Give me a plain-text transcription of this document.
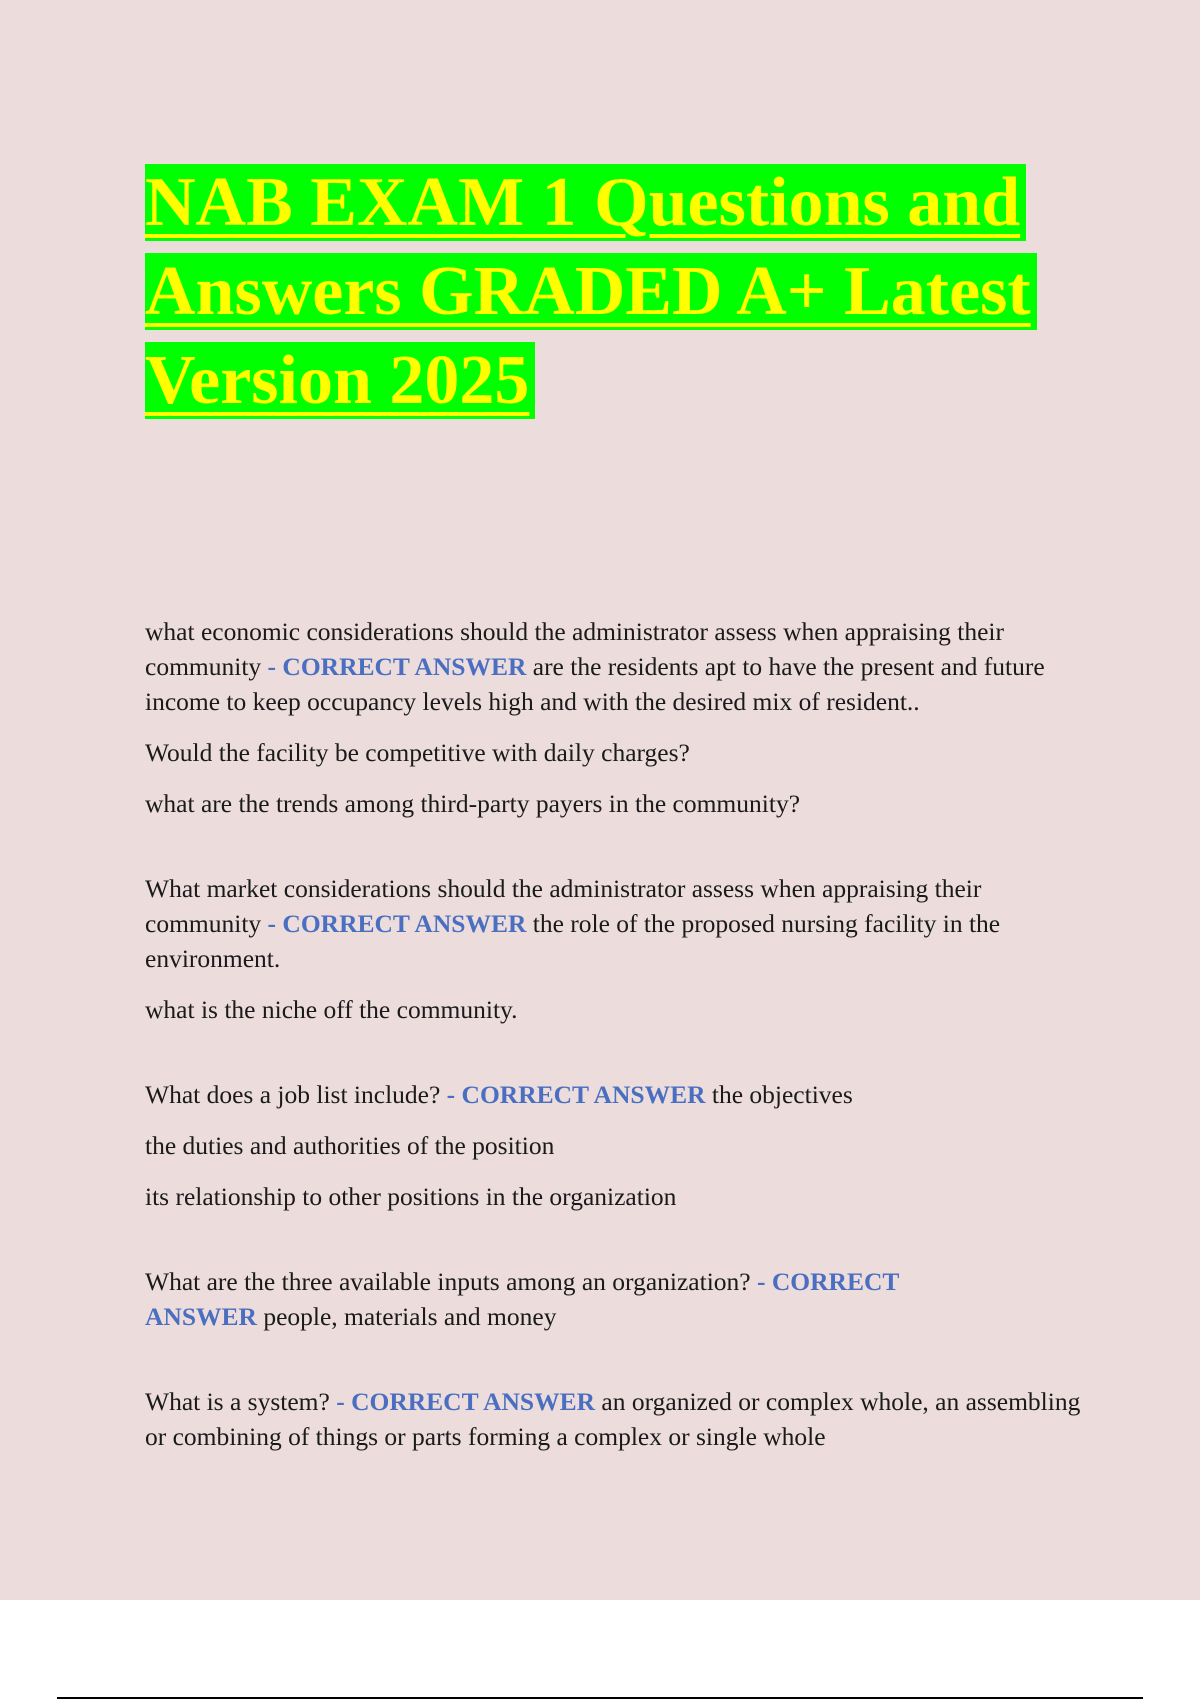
NAB EXAM 1 Questions and
Answers GRADED A+ Latest
Version 2025

what economic considerations should the administrator assess when appraising their community - CORRECT ANSWER are the residents apt to have the present and future income to keep occupancy levels high and with the desired mix of resident..

Would the facility be competitive with daily charges?

what are the trends among third-party payers in the community?

What market considerations should the administrator assess when appraising their community - CORRECT ANSWER the role of the proposed nursing facility in the environment.

what is the niche off the community.

What does a job list include? - CORRECT ANSWER the objectives

the duties and authorities of the position

its relationship to other positions in the organization

What are the three available inputs among an organization? - CORRECT
ANSWER people, materials and money

What is a system? - CORRECT ANSWER an organized or complex whole, an assembling or combining of things or parts forming a complex or single whole
